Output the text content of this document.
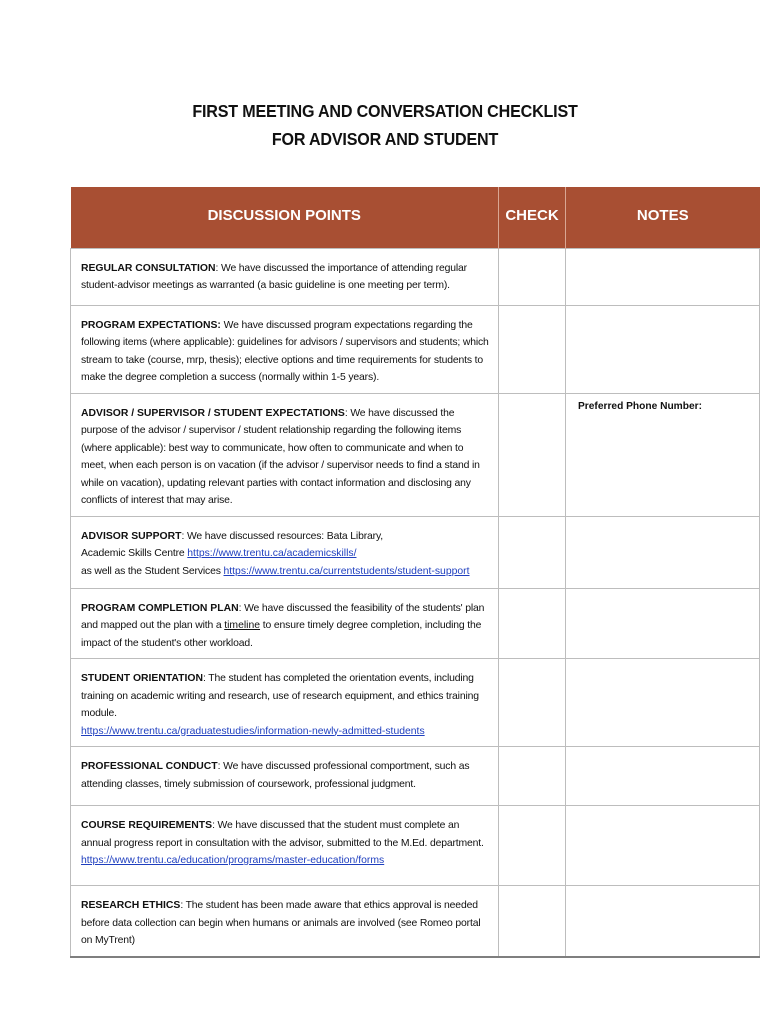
FIRST MEETING AND CONVERSATION CHECKLIST
FOR ADVISOR AND STUDENT
DISCUSSION POINTS	CHECK	NOTES
REGULAR CONSULTATION: We have discussed the importance of attending regular student-advisor meetings as warranted (a basic guideline is one meeting per term).		
PROGRAM EXPECTATIONS: We have discussed program expectations regarding the following items (where applicable): guidelines for advisors / supervisors and students; which stream to take (course, mrp, thesis); elective options and time requirements for students to make the degree completion a success (normally within 1-5 years).		
ADVISOR / SUPERVISOR / STUDENT EXPECTATIONS: We have discussed the purpose of the advisor / supervisor / student relationship regarding the following items (where applicable): best way to communicate, how often to communicate and when to meet, when each person is on vacation (if the advisor / supervisor needs to find a stand in while on vacation), updating relevant parties with contact information and disclosing any conflicts of interest that may arise.		Preferred Phone Number:
ADVISOR SUPPORT: We have discussed resources: Bata Library,
Academic Skills Centre https://www.trentu.ca/academicskills/
as well as the Student Services https://www.trentu.ca/currentstudents/student-support		
PROGRAM COMPLETION PLAN: We have discussed the feasibility of the students' plan and mapped out the plan with a timeline to ensure timely degree completion, including the impact of the student's other workload.		
STUDENT ORIENTATION: The student has completed the orientation events, including training on academic writing and research, use of research equipment, and ethics training module.
https://www.trentu.ca/graduatestudies/information-newly-admitted-students		
PROFESSIONAL CONDUCT: We have discussed professional comportment, such as attending classes, timely submission of coursework, professional judgment.		
COURSE REQUIREMENTS: We have discussed that the student must complete an annual progress report in consultation with the advisor, submitted to the M.Ed. department.
https://www.trentu.ca/education/programs/master-education/forms		
RESEARCH ETHICS: The student has been made aware that ethics approval is needed before data collection can begin when humans or animals are involved (see Romeo portal on MyTrent)		
